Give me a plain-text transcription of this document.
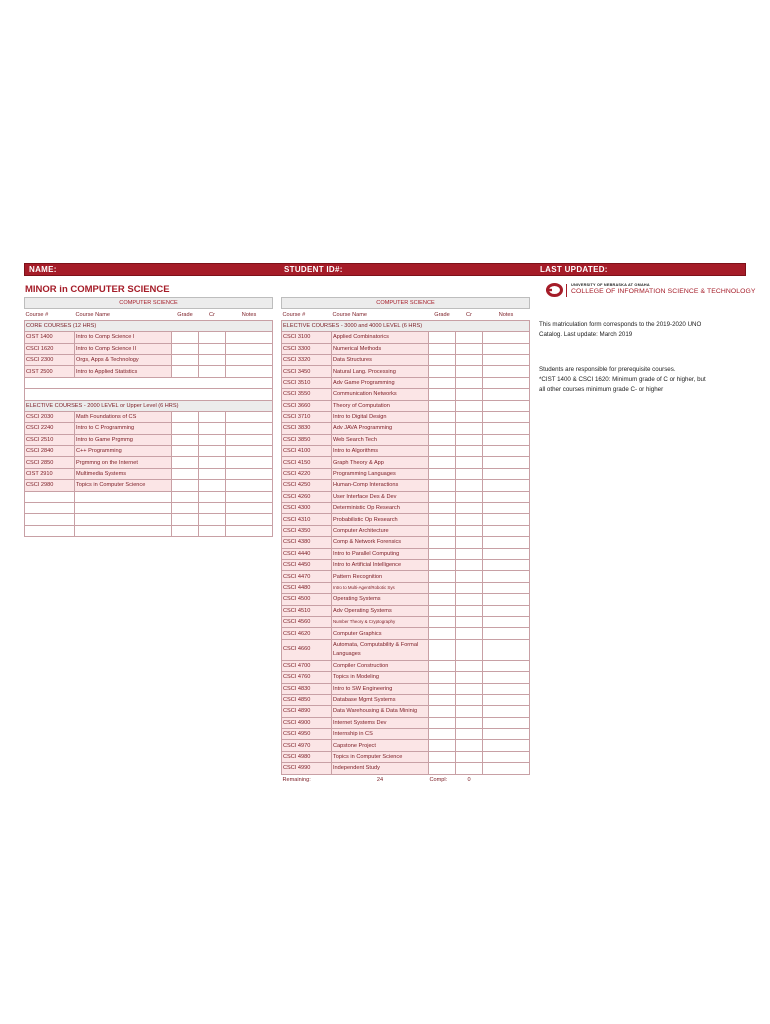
NAME:	STUDENT ID#:	LAST UPDATED:
MINOR in COMPUTER SCIENCE	UNIVERSITY OF NEBRASKA AT OMAHA
COLLEGE OF INFORMATION SCIENCE & TECHNOLOGY
COMPUTER SCIENCE				
Course #	Course Name	Grade	Cr	Notes
CORE COURSES (12 HRS)				
CIST 1400	Intro to Comp Science I			
CSCI 1620	Intro to Comp Science II			
CSCI 2300	Orgs, Apps & Technology			
CIST 2500	Intro to Applied Statistics			

ELECTIVE COURSES - 2000 LEVEL or Upper Level (6 HRS)				
CSCI 2030	Math Foundations of CS			
CSCI 2240	Intro to C Programming			
CSCI 2510	Intro to Game Prgmmg			
CSCI 2840	C++ Programming			
CSCI 2850	Prgmmng on the Internet			
CIST 2910	Multimedia Systems			
CSCI 2980	Topics in Computer Science			

COMPUTER SCIENCE				
Course #	Course Name	Grade	Cr	Notes
ELECTIVE COURSES - 3000 and 4000 LEVEL (6 HRS)				
CSCI 3100	Applied Combinatorics			
CSCI 3300	Numerical Methods			
CSCI 3320	Data Structures			
CSCI 3450	Natural Lang. Processing			
CSCI 3510	Adv Game Programming			
CSCI 3550	Communication Networks			
CSCI 3660	Theory of Computation			
CSCI 3710	Intro to Digital Design			
CSCI 3830	Adv JAVA Programming			
CSCI 3850	Web Search Tech			
CSCI 4100	Intro to Algorithms			
CSCI 4150	Graph Theory & App			
CSCI 4220	Programming Languages			
CSCI 4250	Human-Comp Interactions			
CSCI 4260	User Interface Des & Dev			
CSCI 4300	Deterministic Op Research			
CSCI 4310	Probabilistic Op Research			
CSCI 4350	Computer Architecture			
CSCI 4380	Comp & Network Forensics			
CSCI 4440	Intro to Parallel Computing			
CSCI 4450	Intro to Artificial Intelligence			
CSCI 4470	Pattern Recognition			
CSCI 4480	Intro to Multi-Agent/Robotic Sys			
CSCI 4500	Operating Systems			
CSCI 4510	Adv Operating Systems			
CSCI 4560	Number Theory & Cryptography			
CSCI 4620	Computer Graphics			
CSCI 4660	Automata, Computability & Formal Languages			
CSCI 4700	Compiler Construction			
CSCI 4760	Topics in Modeling			
CSCI 4830	Intro to SW Engineering			
CSCI 4850	Database Mgmt Systems			
CSCI 4890	Data Warehousing & Data Mininig			
CSCI 4900	Internet Systems Dev			
CSCI 4950	Internship in CS			
CSCI 4970	Capstone Project			
CSCI 4980	Topics in Computer Science			
CSCI 4990	Independent Study			
Remaining:	24	Compl:	0	
This matriculation form corresponds to the 2019-2020 UNO
Catalog. Last update: March 2019
Students are responsible for prerequisite courses.
*CIST 1400 & CSCI 1620: Minimum grade of C or higher, but
all other courses minimum grade C- or higher
